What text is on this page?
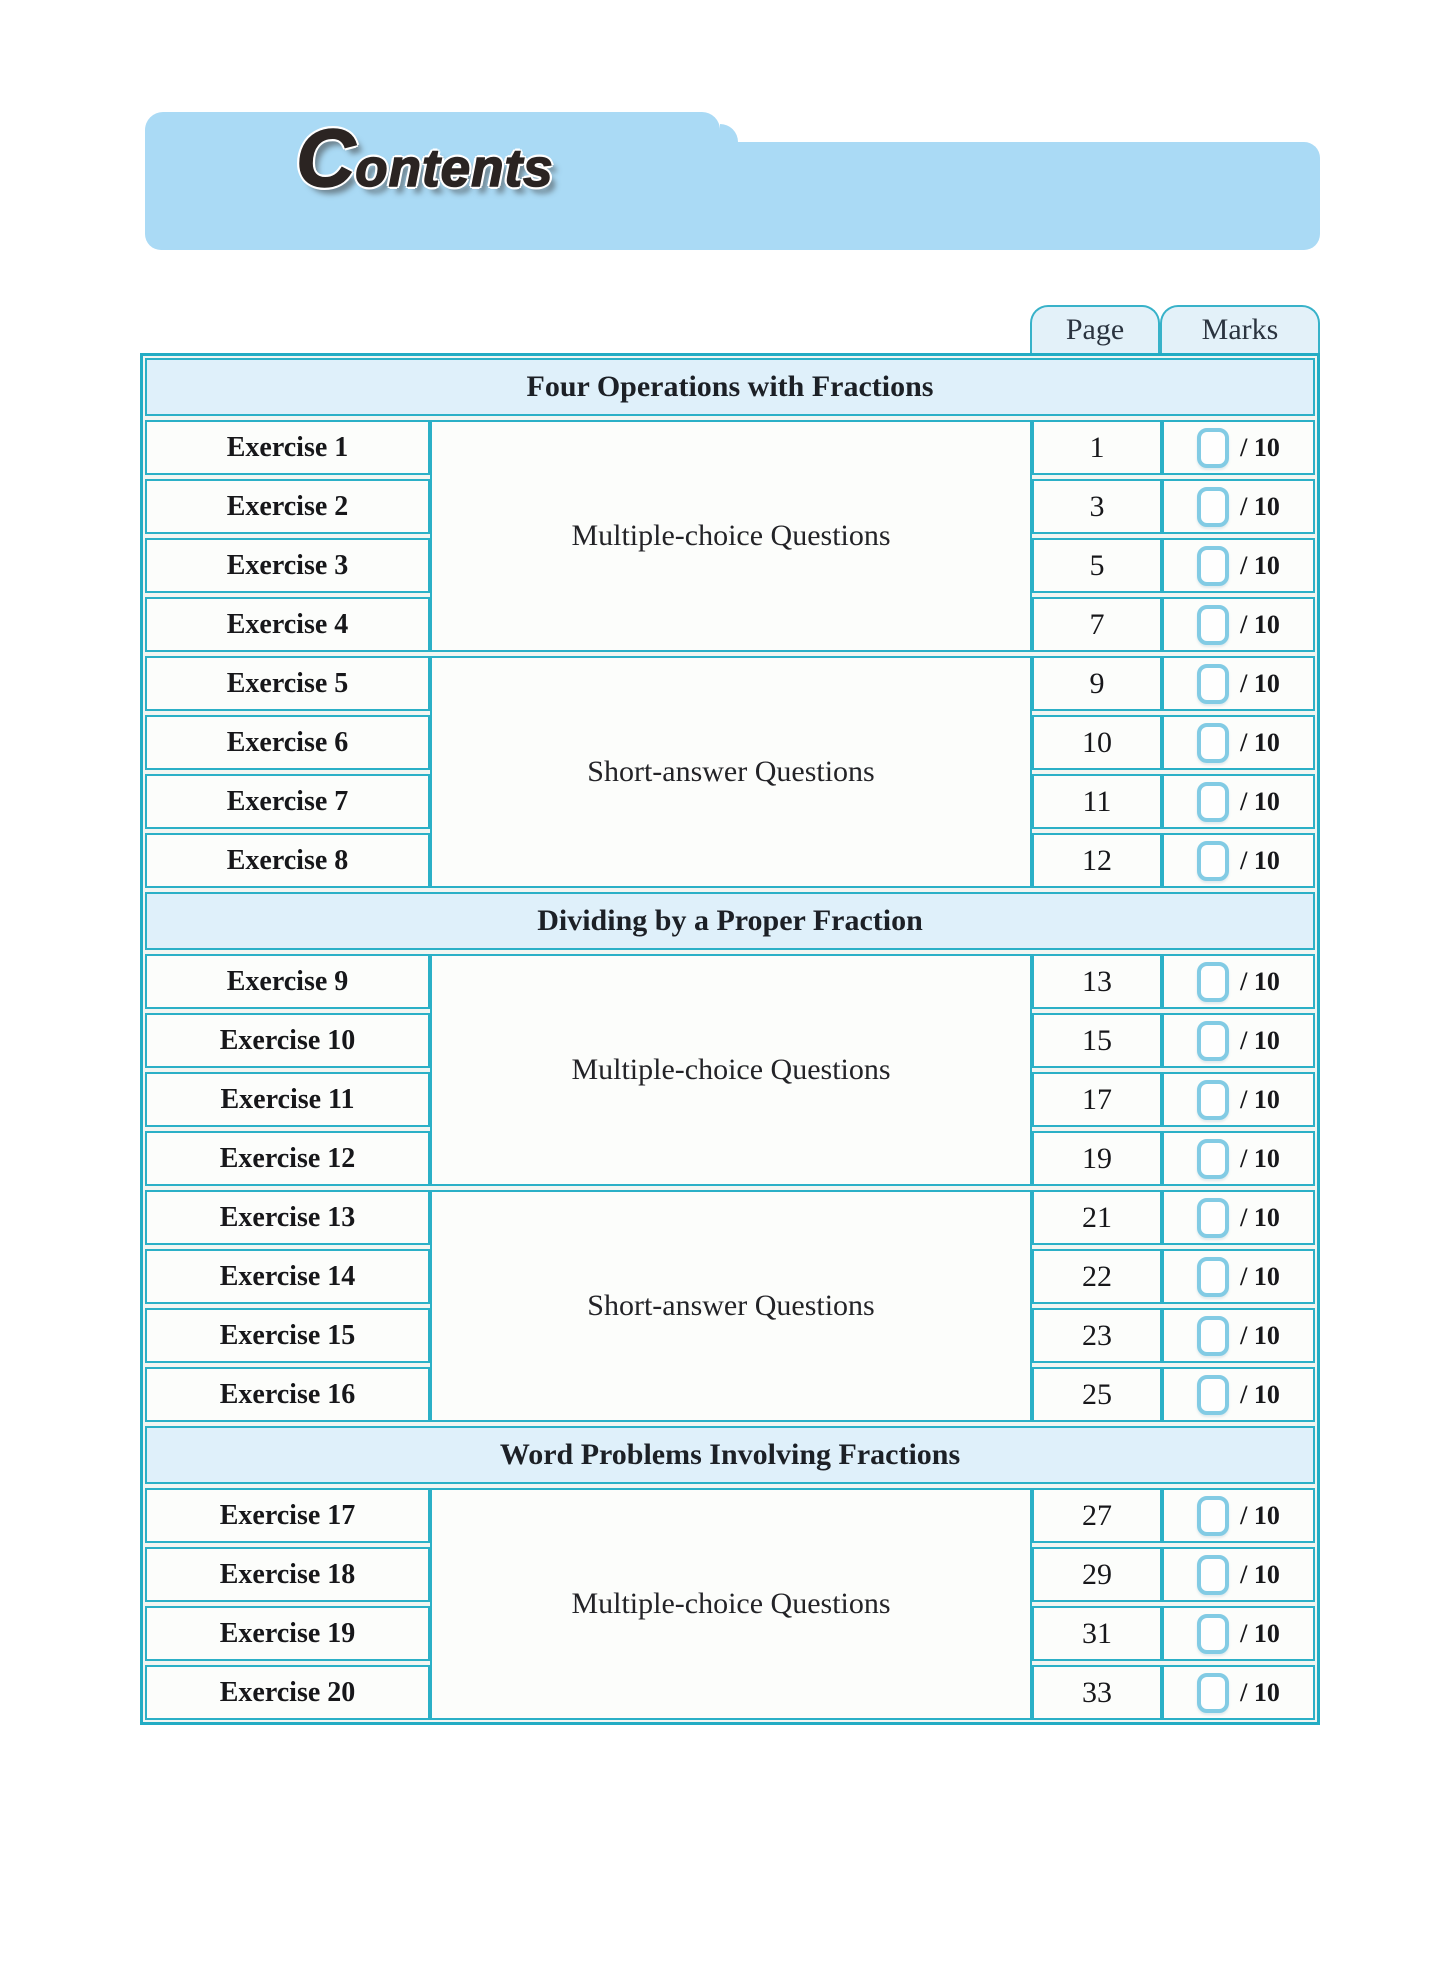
C ontents
Page	Marks
Four Operations with Fractions
Multiple-choice Questions
Exercise 1	1	/ 10
Exercise 2	3	/ 10
Exercise 3	5	/ 10
Exercise 4	7	/ 10
Short-answer Questions
Exercise 5	9	/ 10
Exercise 6	10	/ 10
Exercise 7	11	/ 10
Exercise 8	12	/ 10
Dividing by a Proper Fraction
Multiple-choice Questions
Exercise 9	13	/ 10
Exercise 10	15	/ 10
Exercise 11	17	/ 10
Exercise 12	19	/ 10
Short-answer Questions
Exercise 13	21	/ 10
Exercise 14	22	/ 10
Exercise 15	23	/ 10
Exercise 16	25	/ 10
Word Problems Involving Fractions
Multiple-choice Questions
Exercise 17	27	/ 10
Exercise 18	29	/ 10
Exercise 19	31	/ 10
Exercise 20	33	/ 10
